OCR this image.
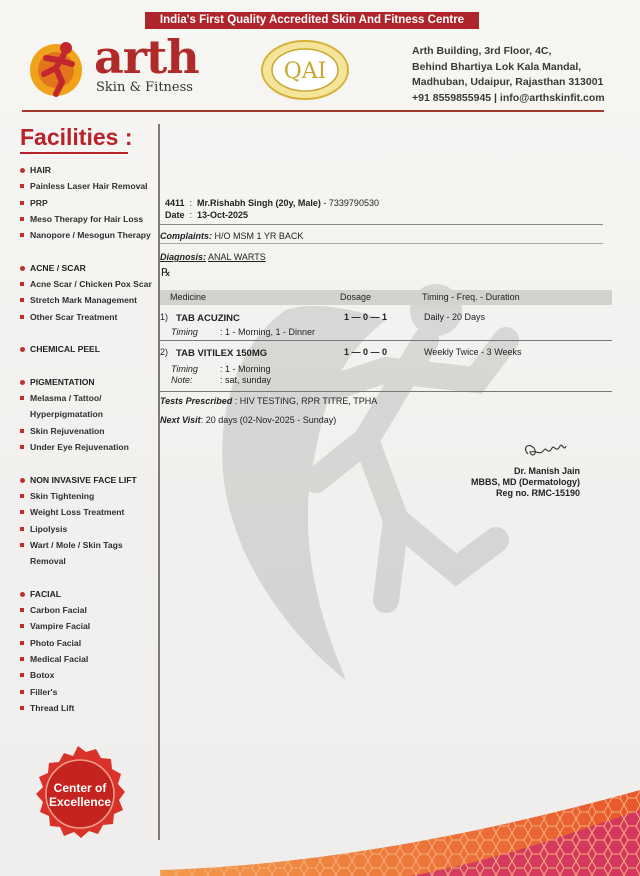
India's First Quality Accredited Skin And Fitness Centre
arth
Skin & Fitness
QAI
Arth Building, 3rd Floor, 4C,
Behind Bhartiya Lok Kala Mandal,
Madhuban, Udaipur, Rajasthan 313001
+91 8559855945 | info@arthskinfit.com
Facilities :
HAIR
Painless Laser Hair Removal
PRP
Meso Therapy for Hair Loss
Nanopore / Mesogun Therapy
ACNE / SCAR
Acne Scar / Chicken Pox Scar
Stretch Mark Management
Other Scar Treatment
CHEMICAL PEEL
PIGMENTATION
Melasma / Tattoo/
Hyperpigmatation
Skin Rejuvenation
Under Eye Rejuvenation
NON INVASIVE FACE LIFT
Skin Tightening
Weight Loss Treatment
Lipolysis
Wart / Mole / Skin Tags
Removal
FACIAL
Carbon Facial
Vampire Facial
Photo Facial
Medical Facial
Botox
Filler's
Thread Lift
4411  :  Mr.Rishabh Singh (20y, Male) - 7339790530
Date  :  13-Oct-2025
Complaints: H/O MSM 1 YR BACK
Diagnosis: ANAL WARTS
℞
Medicine	Dosage	Timing - Freq. - Duration
1) TAB ACUZINC	1 — 0 — 1	Daily - 20 Days
Timing : 1 - Morning, 1 - Dinner
2) TAB VITILEX 150MG	1 — 0 — 0	Weekly Twice - 3 Weeks
Timing : 1 - Morning
Note:	: sat, sunday
Tests Prescribed : HIV TESTING, RPR TITRE, TPHA
Next Visit: 20 days (02-Nov-2025 - Sunday)
Dr. Manish Jain
MBBS, MD (Dermatology)
Reg no. RMC-15190
Center of
Excellence
